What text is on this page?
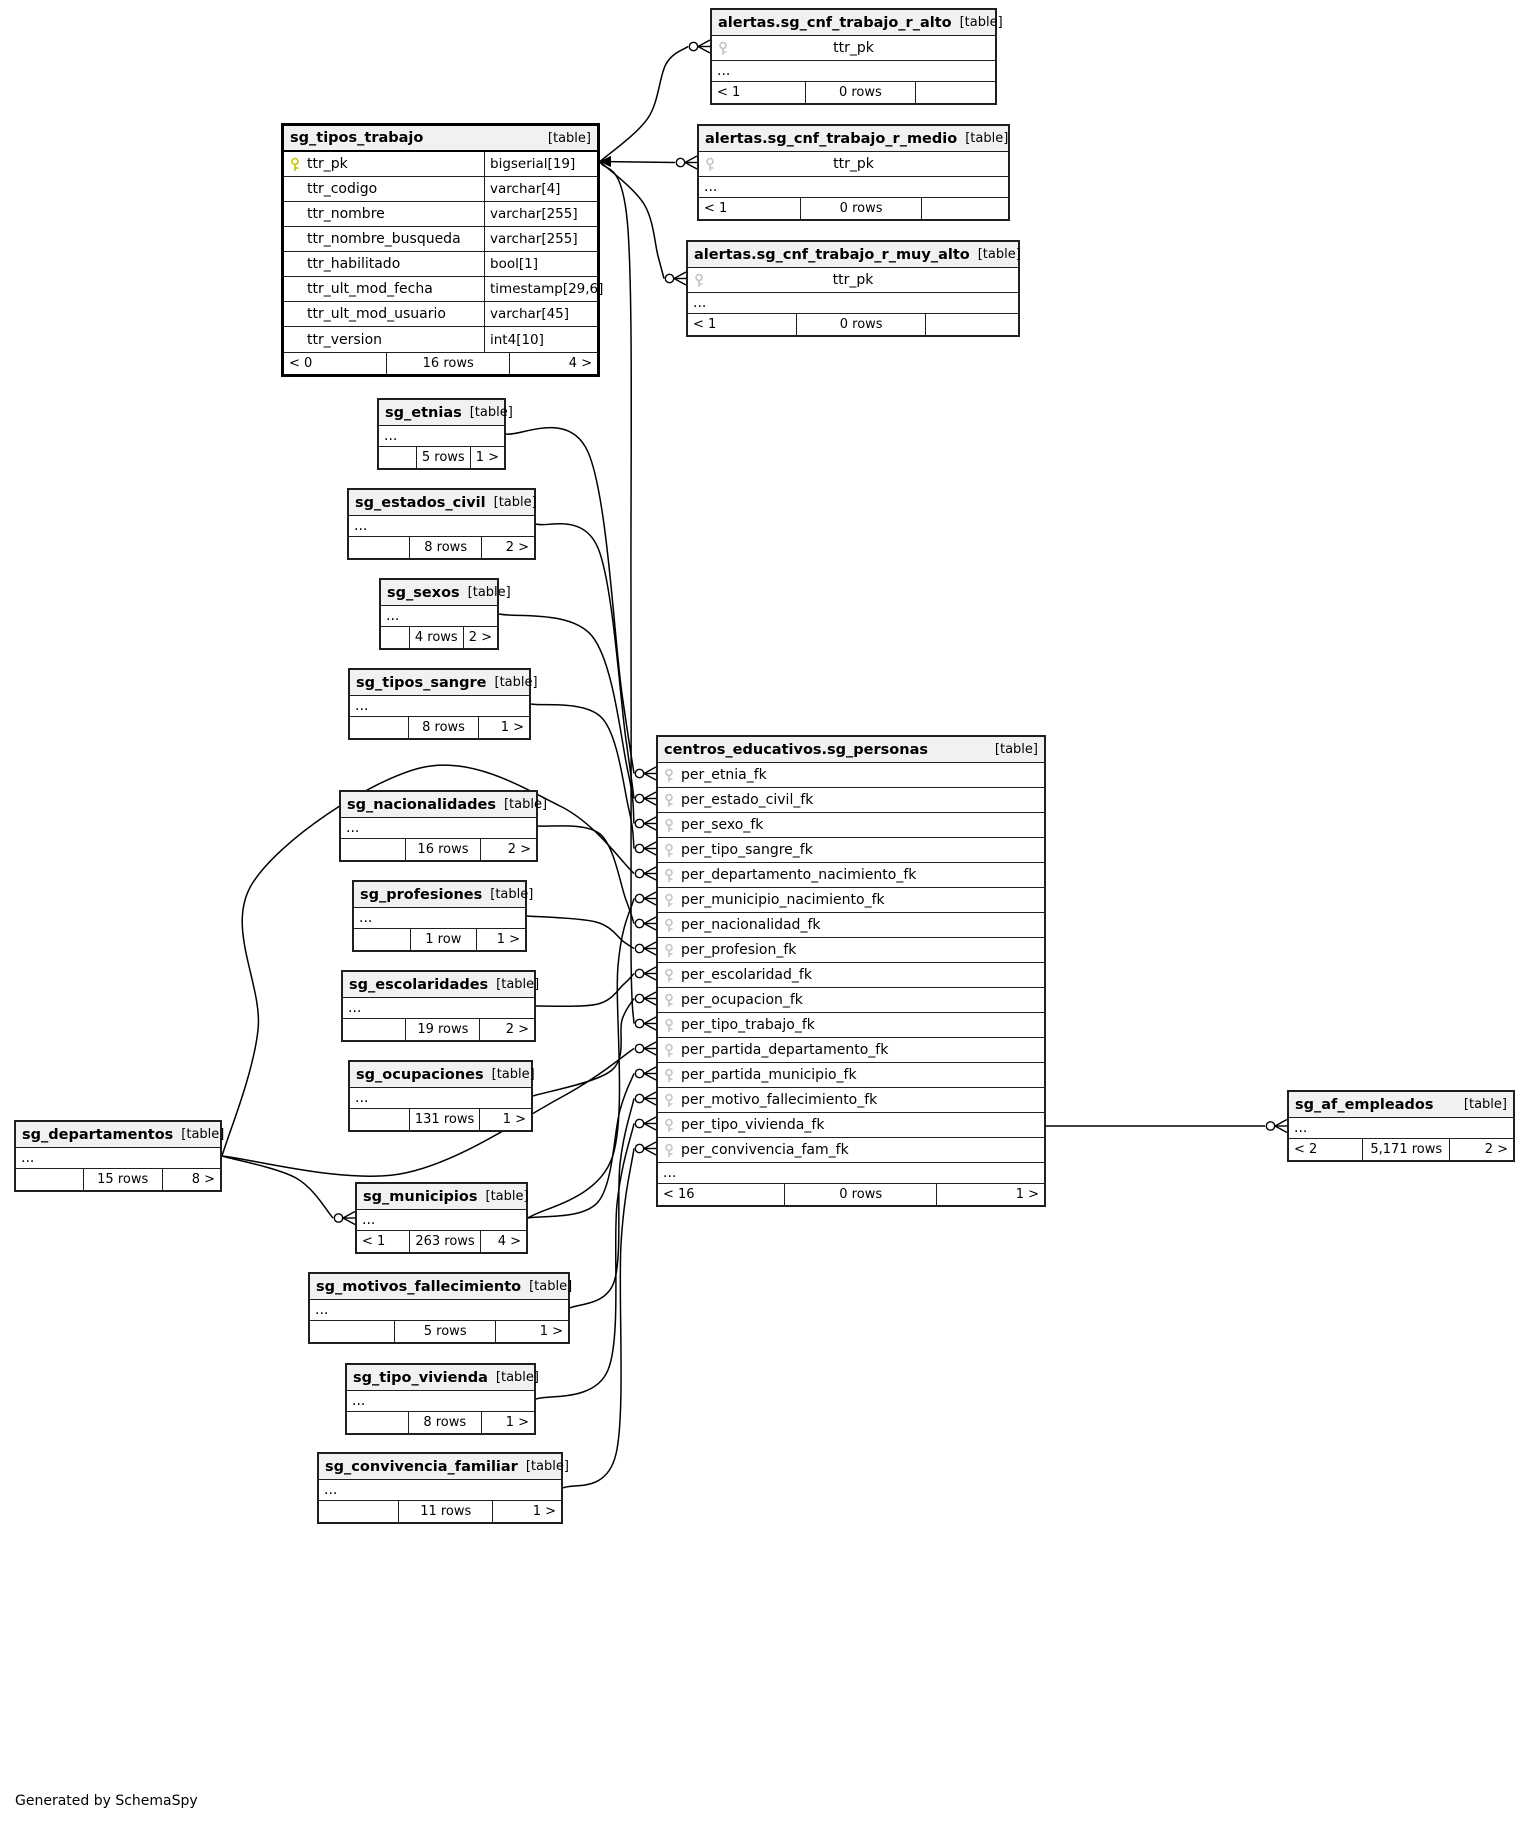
sg_tipos_trabajo	[table]
ttr_pk	bigserial[19]
ttr_codigo	varchar[4]
ttr_nombre	varchar[255]
ttr_nombre_busqueda	varchar[255]
ttr_habilitado	bool[1]
ttr_ult_mod_fecha	timestamp[29,6]
ttr_ult_mod_usuario	varchar[45]
ttr_version	int4[10]
< 0	16 rows	4 >
alertas.sg_cnf_trabajo_r_alto [table]
ttr_pk
...
< 1	0 rows
alertas.sg_cnf_trabajo_r_medio [table]
ttr_pk
...
< 1	0 rows
alertas.sg_cnf_trabajo_r_muy_alto [table]
ttr_pk
...
< 1	0 rows
sg_etnias [table]
...
5 rows 1 >
sg_estados_civil [table]
...
8 rows	2 >
sg_sexos [table]
...
4 rows 2 >
sg_tipos_sangre [table]
...
8 rows	1 >
sg_nacionalidades [table]
...
16 rows	2 >
sg_profesiones [table]
...
1 row	1 >
sg_escolaridades [table]
...
19 rows	2 >
sg_ocupaciones [table]
...
131 rows	1 >
sg_departamentos [table]
...
15 rows	8 >
sg_municipios [table]
...
< 1	263 rows	4 >
sg_motivos_fallecimiento [table]
...
5 rows	1 >
sg_tipo_vivienda [table]
...
8 rows	1 >
sg_convivencia_familiar [table]
...
11 rows	1 >
centros_educativos.sg_personas	[table]
per_etnia_fk
per_estado_civil_fk
per_sexo_fk
per_tipo_sangre_fk
per_departamento_nacimiento_fk
per_municipio_nacimiento_fk
per_nacionalidad_fk
per_profesion_fk
per_escolaridad_fk
per_ocupacion_fk
per_tipo_trabajo_fk
per_partida_departamento_fk
per_partida_municipio_fk
per_motivo_fallecimiento_fk
per_tipo_vivienda_fk
per_convivencia_fam_fk
...
< 16	0 rows	1 >
sg_af_empleados [table]
...
< 2	5,171 rows	2 >
Generated by SchemaSpy
